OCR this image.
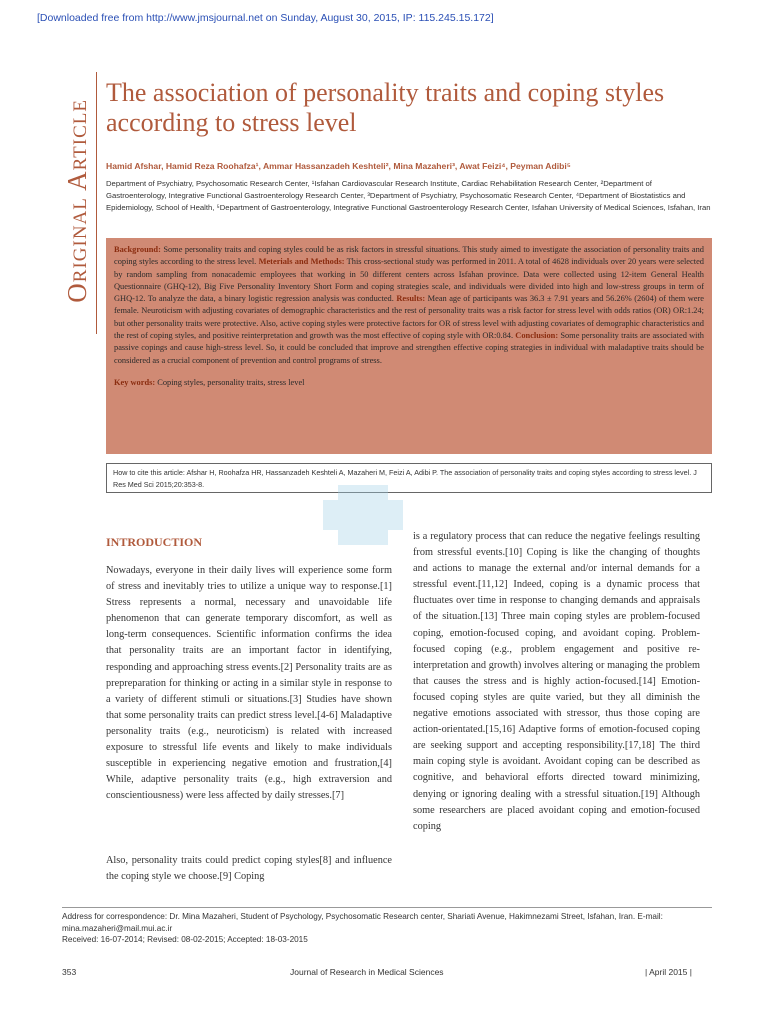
[Downloaded free from http://www.jmsjournal.net on Sunday, August 30, 2015, IP: 115.245.15.172]
Original Article
The association of personality traits and coping styles according to stress level
Hamid Afshar, Hamid Reza Roohafza¹, Ammar Hassanzadeh Keshteli², Mina Mazaheri³, Awat Feizi⁴, Peyman Adibi⁵
Department of Psychiatry, Psychosomatic Research Center, ¹Isfahan Cardiovascular Research Institute, Cardiac Rehabilitation Research Center, ²Department of Gastroenterology, Integrative Functional Gastroenterology Research Center, ³Department of Psychiatry, Psychosomatic Research Center, ⁴Department of Biostatistics and Epidemiology, School of Health, ⁵Department of Gastroenterology, Integrative Functional Gastroenterology Research Center, Isfahan University of Medical Sciences, Isfahan, Iran
Background: Some personality traits and coping styles could be as risk factors in stressful situations. This study aimed to investigate the association of personality traits and coping styles according to the stress level. Meterials and Methods: This cross-sectional study was performed in 2011. A total of 4628 individuals over 20 years were selected by random sampling from nonacademic employees that working in 50 different centers across Isfahan province. Data were collected using 12-item General Health Questionnaire (GHQ-12), Big Five Personality Inventory Short Form and coping strategies scale, and individuals were divided into high and low-stress groups in term of GHQ-12. To analyze the data, a binary logistic regression analysis was conducted. Results: Mean age of participants was 36.3 ± 7.91 years and 56.26% (2604) of them were female. Neuroticism with adjusting covariates of demographic characteristics and the rest of personality traits was a risk factor for stress level with odds ratios (OR) OR:1.24; but other personality traits were protective. Also, active coping styles were protective factors for OR of stress level with adjusting covariates of demographic characteristics and the rest of coping styles, and positive reinterpretation and growth was the most effective of coping style with OR:0.84. Conclusion: Some personality traits are associated with passive copings and cause high-stress level. So, it could be concluded that improve and strengthen effective coping strategies in individual with maladaptive traits should be considered as a crucial component of prevention and control programs of stress.
Key words: Coping styles, personality traits, stress level
How to cite this article: Afshar H, Roohafza HR, Hassanzadeh Keshteli A, Mazaheri M, Feizi A, Adibi P. The association of personality traits and coping styles according to stress level. J Res Med Sci 2015;20:353-8.
INTRODUCTION
Nowadays, everyone in their daily lives will experience some form of stress and inevitably tries to utilize a unique way to response.[1] Stress represents a normal, necessary and unavoidable life phenomenon that can generate temporary discomfort, as well as long-term consequences. Scientific information confirms the idea that personality traits are an important factor in identifying, responding and approaching stress events.[2] Personality traits are as prepreparation for thinking or acting in a similar style in response to a variety of different stimuli or situations.[3] Studies have shown that some personality traits can predict stress level.[4-6] Maladaptive personality traits (e.g., neuroticism) is related with increased exposure to stressful life events and likely to make individuals susceptible in experiencing negative emotion and frustration,[4] While, adaptive personality traits (e.g., high extraversion and conscientiousness) were less affected by daily stresses.[7]
Also, personality traits could predict coping styles[8] and influence the coping style we choose.[9] Coping
is a regulatory process that can reduce the negative feelings resulting from stressful events.[10] Coping is like the changing of thoughts and actions to manage the external and/or internal demands for a stressful event.[11,12] Indeed, coping is a dynamic process that fluctuates over time in response to changing demands and appraisals of the situation.[13] Three main coping styles are problem-focused coping, emotion-focused coping, and avoidant coping. Problem-focused coping (e.g., problem engagement and positive re-interpretation and growth) involves altering or managing the problem that causes the stress and is highly action-focused.[14] Emotion-focused coping styles are quite varied, but they all diminish the negative emotions associated with stressor, thus those coping are action-orientated.[15,16] Adaptive forms of emotion-focused coping are seeking support and accepting responsibility.[17,18] The third main coping style is avoidant. Avoidant coping can be described as cognitive, and behavioral efforts directed toward minimizing, denying or ignoring dealing with a stressful situation.[19] Although some researchers are placed avoidant coping and emotion-focused coping
Address for correspondence: Dr. Mina Mazaheri, Student of Psychology, Psychosomatic Research center, Shariati Avenue, Hakimnezami Street, Isfahan, Iran. E-mail: mina.mazaheri@mail.mui.ac.ir
Received: 16-07-2014; Revised: 08-02-2015; Accepted: 18-03-2015
353	Journal of Research in Medical Sciences	| April 2015 |
